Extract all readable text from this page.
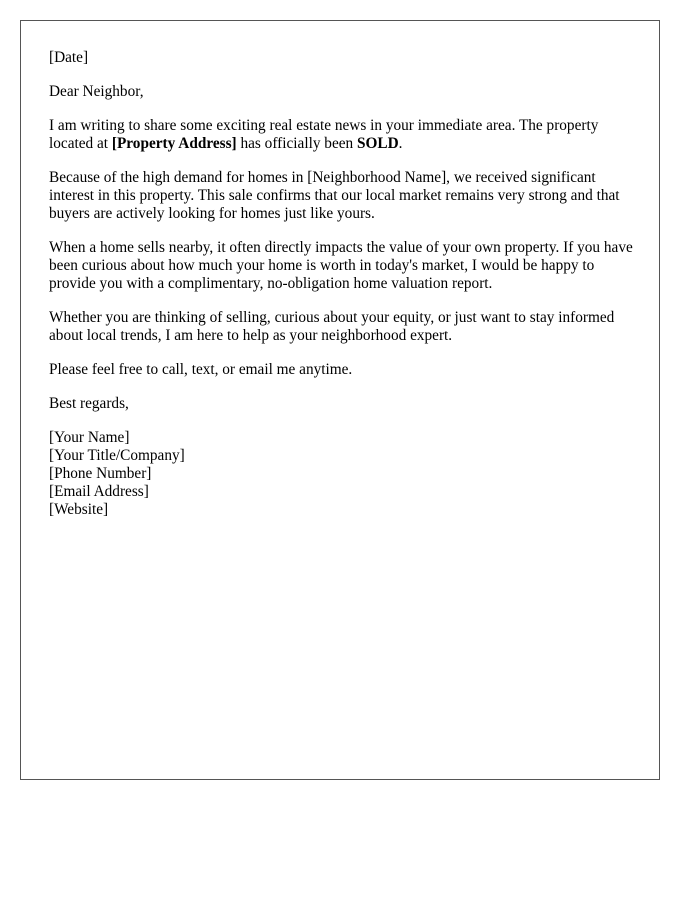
[Date]

Dear Neighbor,

I am writing to share some exciting real estate news in your immediate area. The property located at [Property Address] has officially been SOLD.

Because of the high demand for homes in [Neighborhood Name], we received significant interest in this property. This sale confirms that our local market remains very strong and that buyers are actively looking for homes just like yours.

When a home sells nearby, it often directly impacts the value of your own property. If you have been curious about how much your home is worth in today's market, I would be happy to provide you with a complimentary, no-obligation home valuation report.

Whether you are thinking of selling, curious about your equity, or just want to stay informed about local trends, I am here to help as your neighborhood expert.

Please feel free to call, text, or email me anytime.

Best regards,

[Your Name]
[Your Title/Company]
[Phone Number]
[Email Address]
[Website]
